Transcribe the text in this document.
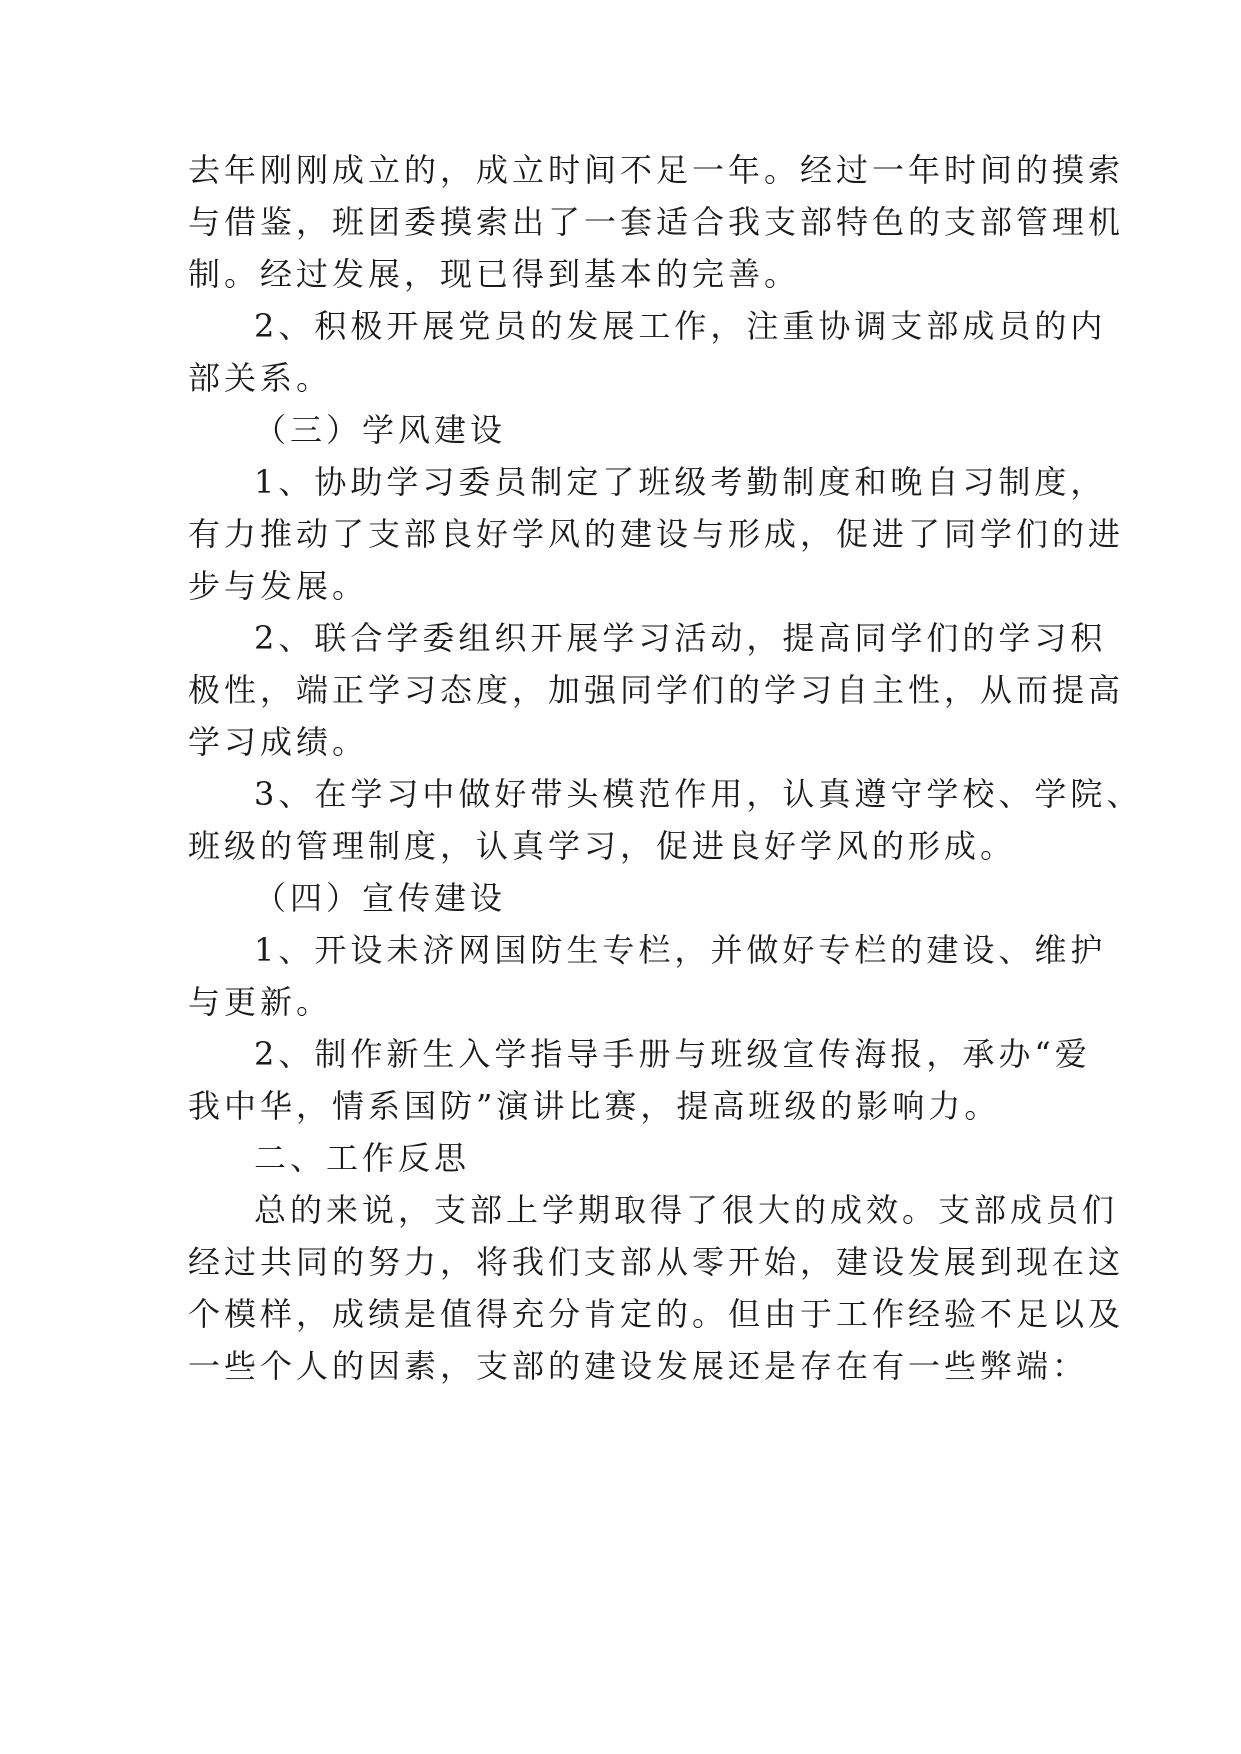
去年刚刚成立的，成立时间不足一年。经过一年时间的摸索
与借鉴，班团委摸索出了一套适合我支部特色的支部管理机
制。经过发展，现已得到基本的完善。
2、积极开展党员的发展工作，注重协调支部成员的内
部关系。
（三）学风建设
1、协助学习委员制定了班级考勤制度和晚自习制度，
有力推动了支部良好学风的建设与形成，促进了同学们的进
步与发展。
2、联合学委组织开展学习活动，提高同学们的学习积
极性，端正学习态度，加强同学们的学习自主性，从而提高
学习成绩。
3、在学习中做好带头模范作用，认真遵守学校、学院、
班级的管理制度，认真学习，促进良好学风的形成。
（四）宣传建设
1、开设未济网国防生专栏，并做好专栏的建设、维护
与更新。
2、制作新生入学指导手册与班级宣传海报，承办“爱
我中华，情系国防”演讲比赛，提高班级的影响力。
二、工作反思
总的来说，支部上学期取得了很大的成效。支部成员们
经过共同的努力，将我们支部从零开始，建设发展到现在这
个模样，成绩是值得充分肯定的。但由于工作经验不足以及
一些个人的因素，支部的建设发展还是存在有一些弊端：
